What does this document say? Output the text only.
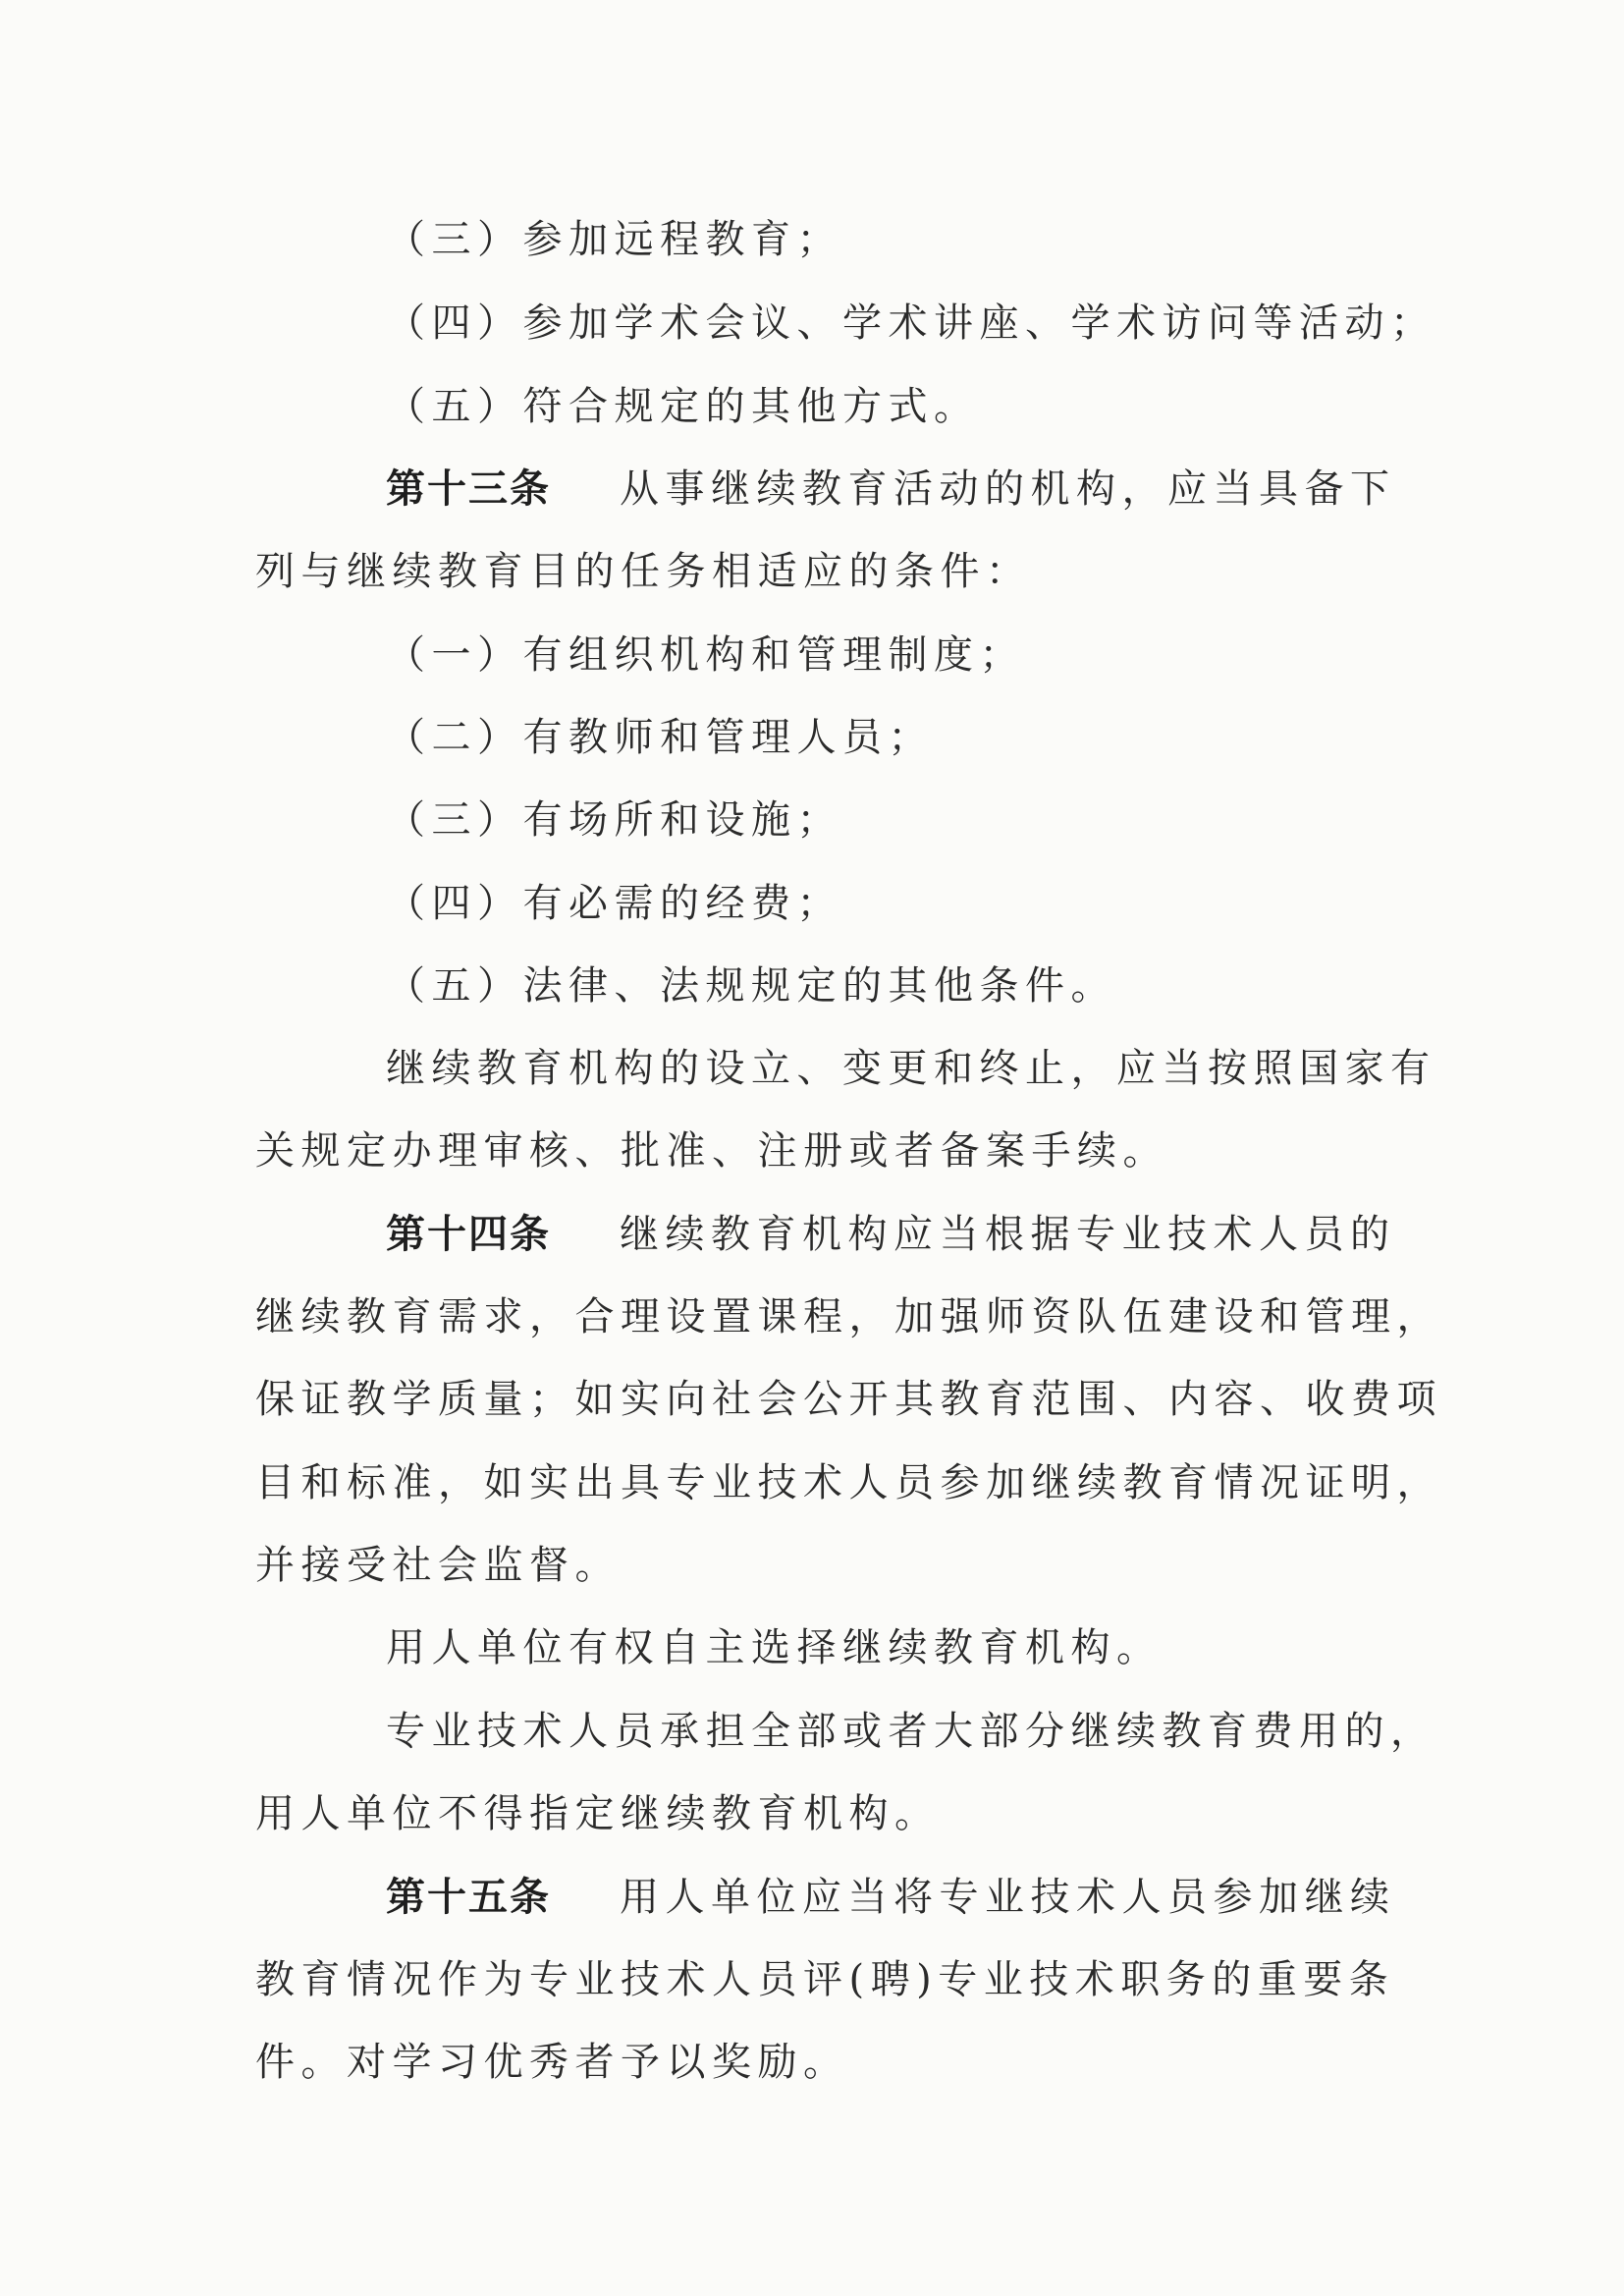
（三）参加远程教育；
（四）参加学术会议、学术讲座、学术访问等活动；
（五）符合规定的其他方式。
第十三条 从事继续教育活动的机构，应当具备下
列与继续教育目的任务相适应的条件：
（一）有组织机构和管理制度；
（二）有教师和管理人员；
（三）有场所和设施；
（四）有必需的经费；
（五）法律、法规规定的其他条件。
继续教育机构的设立、变更和终止，应当按照国家有
关规定办理审核、批准、注册或者备案手续。
第十四条 继续教育机构应当根据专业技术人员的
继续教育需求，合理设置课程，加强师资队伍建设和管理，
保证教学质量；如实向社会公开其教育范围、内容、收费项
目和标准，如实出具专业技术人员参加继续教育情况证明，
并接受社会监督。
用人单位有权自主选择继续教育机构。
专业技术人员承担全部或者大部分继续教育费用的，
用人单位不得指定继续教育机构。
第十五条 用人单位应当将专业技术人员参加继续
教育情况作为专业技术人员评(聘)专业技术职务的重要条
件。对学习优秀者予以奖励。
